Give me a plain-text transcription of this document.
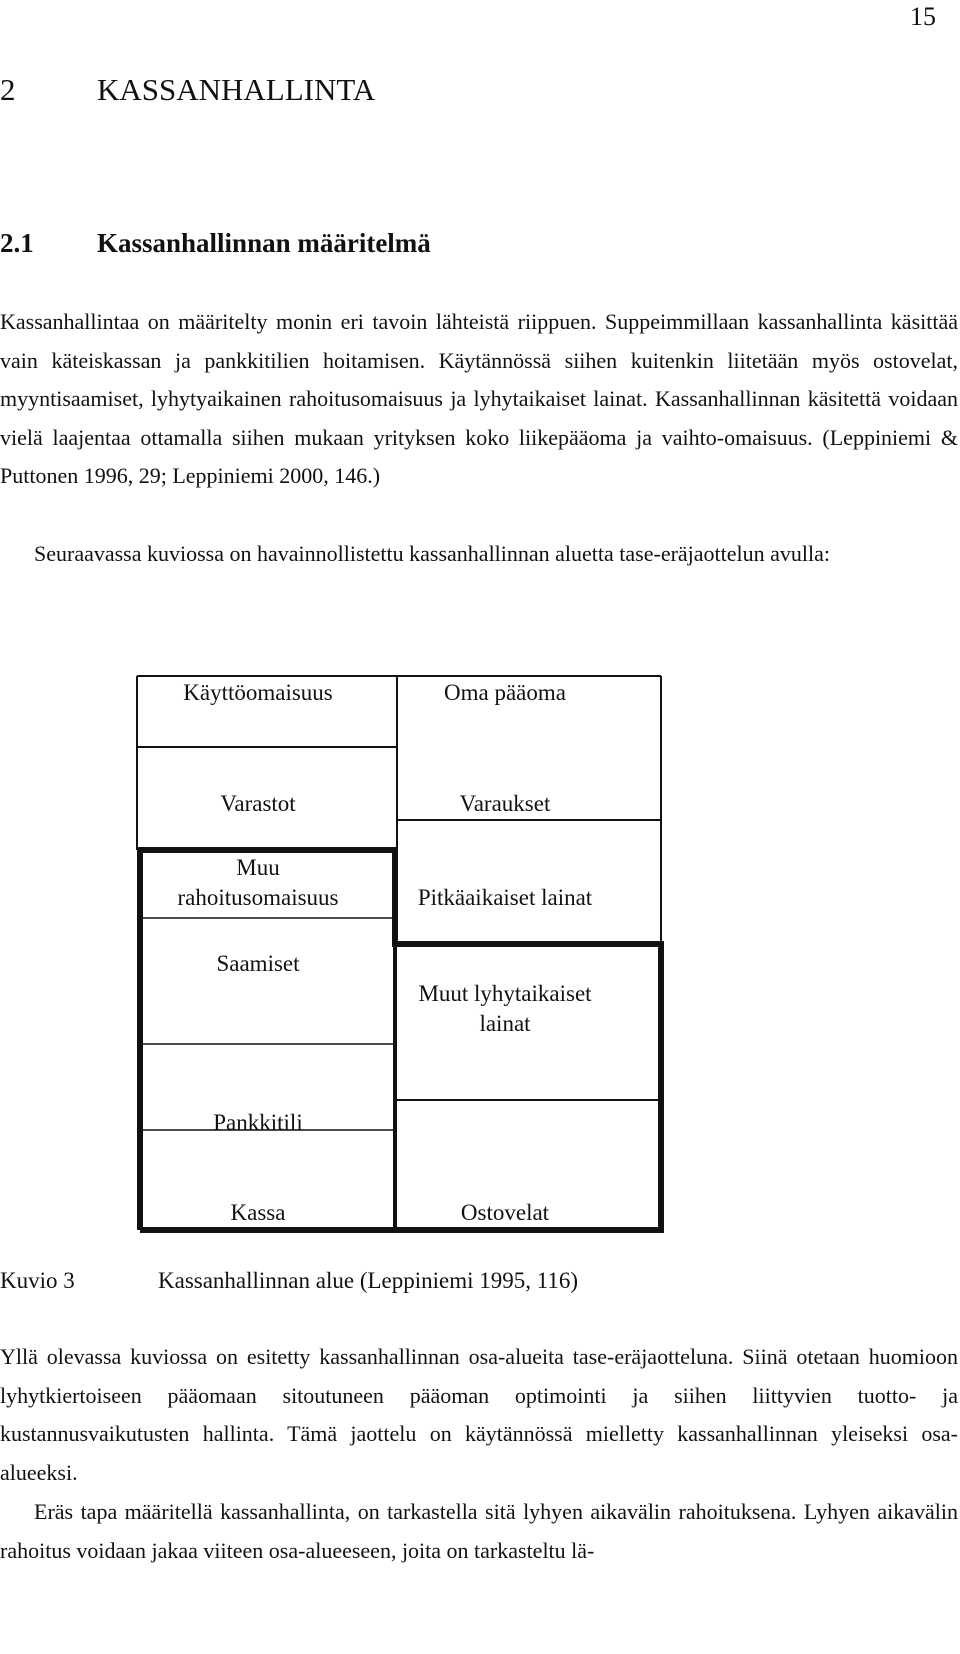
15
2	KASSANHALLINTA
2.1 Kassanhallinnan määritelmä

Kassanhallintaa on määritelty monin eri tavoin lähteistä riippuen. Suppeimmillaan kassanhallinta käsittää vain käteiskassan ja pankkitilien hoitamisen. Käytännössä siihen kuitenkin liitetään myös ostovelat, myyntisaamiset, lyhytyaikainen rahoitusomaisuus ja lyhytaikaiset lainat. Kassanhallinnan käsitettä voidaan vielä laajentaa ottamalla siihen mukaan yrityksen koko liikepääoma ja vaihto-omaisuus. (Leppiniemi & Puttonen 1996, 29; Leppiniemi 2000, 146.)

Seuraavassa kuviossa on havainnollistettu kassanhallinnan aluetta tase-eräjaottelun avulla:

Käyttöomaisuus
Varastot
Muu
rahoitusomaisuus
Saamiset
Pankkitili
Kassa
Oma pääoma
Varaukset
Pitkäaikaiset lainat
Muut lyhytaikaiset
lainat
Ostovelat
Kuvio 3	Kassanhallinnan alue (Leppiniemi 1995, 116)

Yllä olevassa kuviossa on esitetty kassanhallinnan osa-alueita tase-eräjaotteluna. Siinä otetaan huomioon lyhytkiertoiseen pääomaan sitoutuneen pääoman optimointi ja siihen liittyvien tuotto- ja kustannusvaikutusten hallinta. Tämä jaottelu on käytännössä mielletty kassanhallinnan yleiseksi osa-alueeksi.

Eräs tapa määritellä kassanhallinta, on tarkastella sitä lyhyen aikavälin rahoituksena. Lyhyen aikavälin rahoitus voidaan jakaa viiteen osa-alueeseen, joita on tarkasteltu lä-
